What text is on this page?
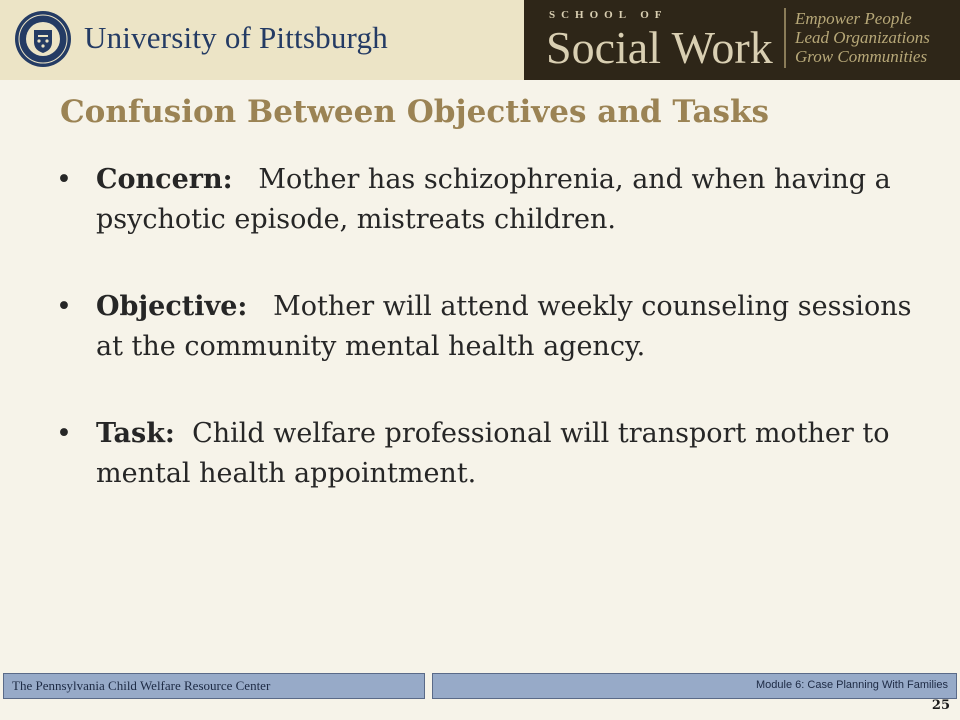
University of Pittsburgh
SCHOOL OF
Social Work
Empower People
Lead Organizations
Grow Communities
Confusion Between Objectives and Tasks
• Concern: Mother has schizophrenia, and when having a psychotic episode, mistreats children.
• Objective: Mother will attend weekly counseling sessions at the community mental health agency.
• Task: Child welfare professional will transport mother to mental health appointment.
The Pennsylvania Child Welfare Resource Center	Module 6: Case Planning With Families
25
